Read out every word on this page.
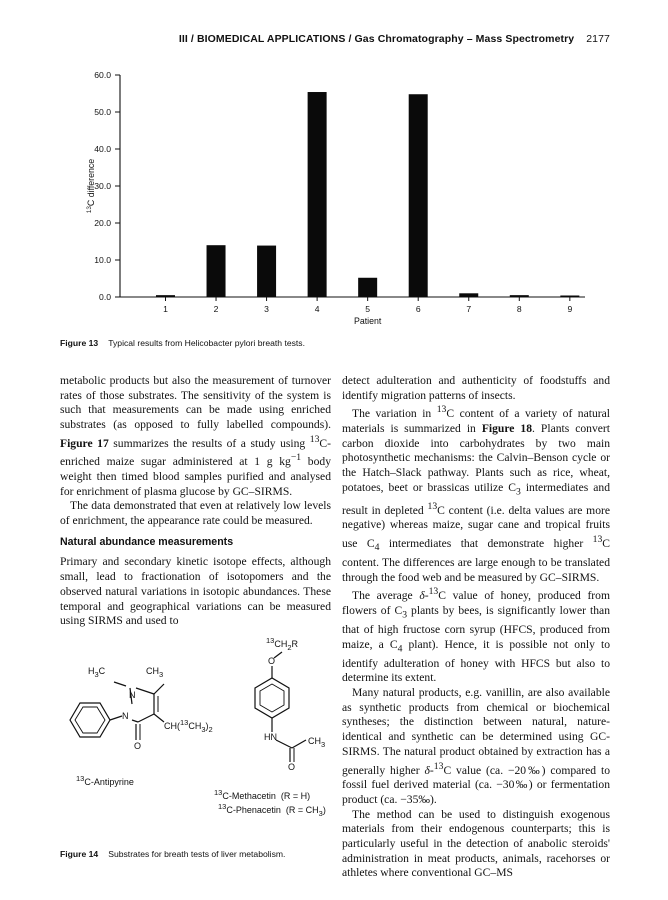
III / BIOMEDICAL APPLICATIONS / Gas Chromatography – Mass Spectrometry 2177
0.0
10.0
20.0
30.0
40.0
50.0
60.0
1	2	3	4	5	6	7	8	9
Patient
$^{13}$C difference
Figure 13 Typical results from Helicobacter pylori breath tests.

metabolic products but also the measurement of turnover rates of those substrates. The sensitivity of the system is such that measurements can be made using enriched substrates (as opposed to fully labelled compounds). Figure 17 summarizes the results of a study using $^{13}$C-enriched maize sugar administered at 1 g $kg^{-1}$ body weight then timed blood samples purified and analysed for enrichment of plasma glucose by GC–SIRMS.

The data demonstrated that even at relatively low levels of enrichment, the appearance rate could be measured.

Natural abundance measurements

Primary and secondary kinetic isotope effects, although small, lead to fractionation of isotopomers and the observed natural variations in isotopic abundances. These temporal and geographical variations can be measured using SIRMS and used to

$H_3C$	$CH_3$
N
N
O
$CH(^{13}CH_3)_2$
$^{13}$C-Antipyrine
$^{13}CH_2R$
O
HN	$CH_3$
O
$^{13}$C-Methacetin  (R = H)
$^{13}$C-Phenacetin  $(R = CH_3)$
Figure 14 Substrates for breath tests of liver metabolism.

detect adulteration and authenticity of foodstuffs and identify migration patterns of insects.

The variation in $^{13}$C content of a variety of natural materials is summarized in Figure 18. Plants convert carbon dioxide into carbohydrates by two main photosynthetic mechanisms: the Calvin–Benson cycle or the Hatch–Slack pathway. Plants such as rice, wheat, potatoes, beet or brassicas utilize $C_3$ intermediates and result in depleted $^{13}$C content (i.e. delta values are more negative) whereas maize, sugar cane and tropical fruits use $C_4$ intermediates that demonstrate higher $^{13}$C content. The differences are large enough to be translated through the food web and be measured by GC–SIRMS.

The average δ-$^{13}$C value of honey, produced from flowers of $C_3$ plants by bees, is significantly lower than that of high fructose corn syrup (HFCS, produced from maize, a $C_4$ plant). Hence, it is possible not only to identify adulteration of honey with HFCS but also to determine its extent.

Many natural products, e.g. vanillin, are also available as synthetic products from chemical or biochemical syntheses; the distinction between natural, nature-identical and synthetic can be determined using GC-SIRMS. The natural product obtained by extraction has a generally higher δ-$^{13}$C value (ca. −20‰) compared to fossil fuel derived material (ca. −30‰) or fermentation product (ca. −35‰).

The method can be used to distinguish exogenous materials from their endogenous counterparts; this is particularly useful in the detection of anabolic steroids' administration in meat products, animals, racehorses or athletes where conventional GC–MS
